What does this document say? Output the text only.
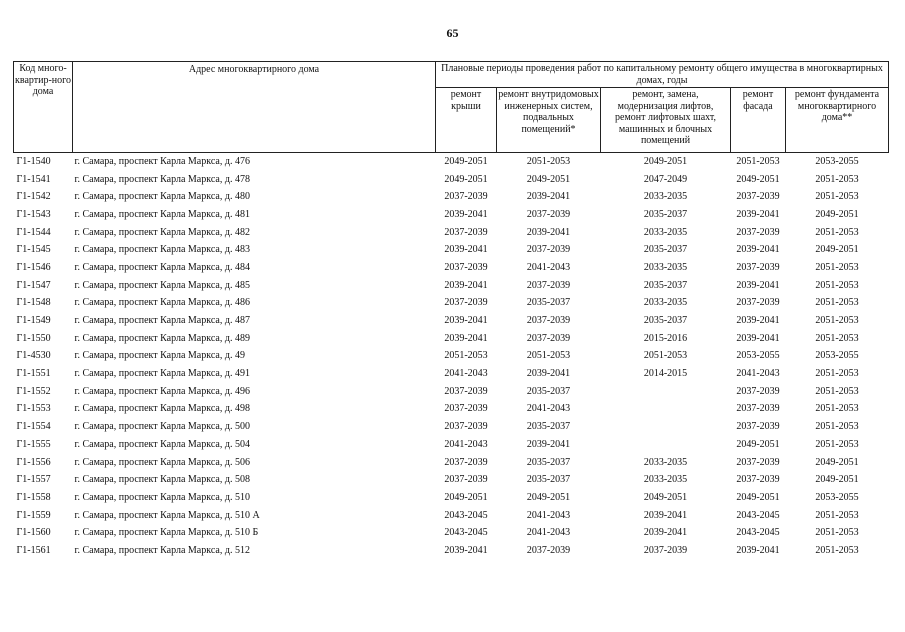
65
Код много-квартир-ного дома	Адрес многоквартирного дома	Плановые периоды проведения работ по капитальному ремонту общего имущества в многоквартирных домах, годы				
		ремонт крыши	ремонт внутридомовых инженерных систем, подвальных помещений*	ремонт, замена, модернизация лифтов, ремонт лифтовых шахт, машинных и блочных помещений	ремонт фасада	ремонт фундамента многоквартирного дома**
Г1-1540	г. Самара, проспект Карла Маркса, д. 476	2049-2051	2051-2053	2049-2051	2051-2053	2053-2055
Г1-1541	г. Самара, проспект Карла Маркса, д. 478	2049-2051	2049-2051	2047-2049	2049-2051	2051-2053
Г1-1542	г. Самара, проспект Карла Маркса, д. 480	2037-2039	2039-2041	2033-2035	2037-2039	2051-2053
Г1-1543	г. Самара, проспект Карла Маркса, д. 481	2039-2041	2037-2039	2035-2037	2039-2041	2049-2051
Г1-1544	г. Самара, проспект Карла Маркса, д. 482	2037-2039	2039-2041	2033-2035	2037-2039	2051-2053
Г1-1545	г. Самара, проспект Карла Маркса, д. 483	2039-2041	2037-2039	2035-2037	2039-2041	2049-2051
Г1-1546	г. Самара, проспект Карла Маркса, д. 484	2037-2039	2041-2043	2033-2035	2037-2039	2051-2053
Г1-1547	г. Самара, проспект Карла Маркса, д. 485	2039-2041	2037-2039	2035-2037	2039-2041	2051-2053
Г1-1548	г. Самара, проспект Карла Маркса, д. 486	2037-2039	2035-2037	2033-2035	2037-2039	2051-2053
Г1-1549	г. Самара, проспект Карла Маркса, д. 487	2039-2041	2037-2039	2035-2037	2039-2041	2051-2053
Г1-1550	г. Самара, проспект Карла Маркса, д. 489	2039-2041	2037-2039	2015-2016	2039-2041	2051-2053
Г1-4530	г. Самара, проспект Карла Маркса, д. 49	2051-2053	2051-2053	2051-2053	2053-2055	2053-2055
Г1-1551	г. Самара, проспект Карла Маркса, д. 491	2041-2043	2039-2041	2014-2015	2041-2043	2051-2053
Г1-1552	г. Самара, проспект Карла Маркса, д. 496	2037-2039	2035-2037		2037-2039	2051-2053
Г1-1553	г. Самара, проспект Карла Маркса, д. 498	2037-2039	2041-2043		2037-2039	2051-2053
Г1-1554	г. Самара, проспект Карла Маркса, д. 500	2037-2039	2035-2037		2037-2039	2051-2053
Г1-1555	г. Самара, проспект Карла Маркса, д. 504	2041-2043	2039-2041		2049-2051	2051-2053
Г1-1556	г. Самара, проспект Карла Маркса, д. 506	2037-2039	2035-2037	2033-2035	2037-2039	2049-2051
Г1-1557	г. Самара, проспект Карла Маркса, д. 508	2037-2039	2035-2037	2033-2035	2037-2039	2049-2051
Г1-1558	г. Самара, проспект Карла Маркса, д. 510	2049-2051	2049-2051	2049-2051	2049-2051	2053-2055
Г1-1559	г. Самара, проспект Карла Маркса, д. 510 А	2043-2045	2041-2043	2039-2041	2043-2045	2051-2053
Г1-1560	г. Самара, проспект Карла Маркса, д. 510 Б	2043-2045	2041-2043	2039-2041	2043-2045	2051-2053
Г1-1561	г. Самара, проспект Карла Маркса, д. 512	2039-2041	2037-2039	2037-2039	2039-2041	2051-2053
